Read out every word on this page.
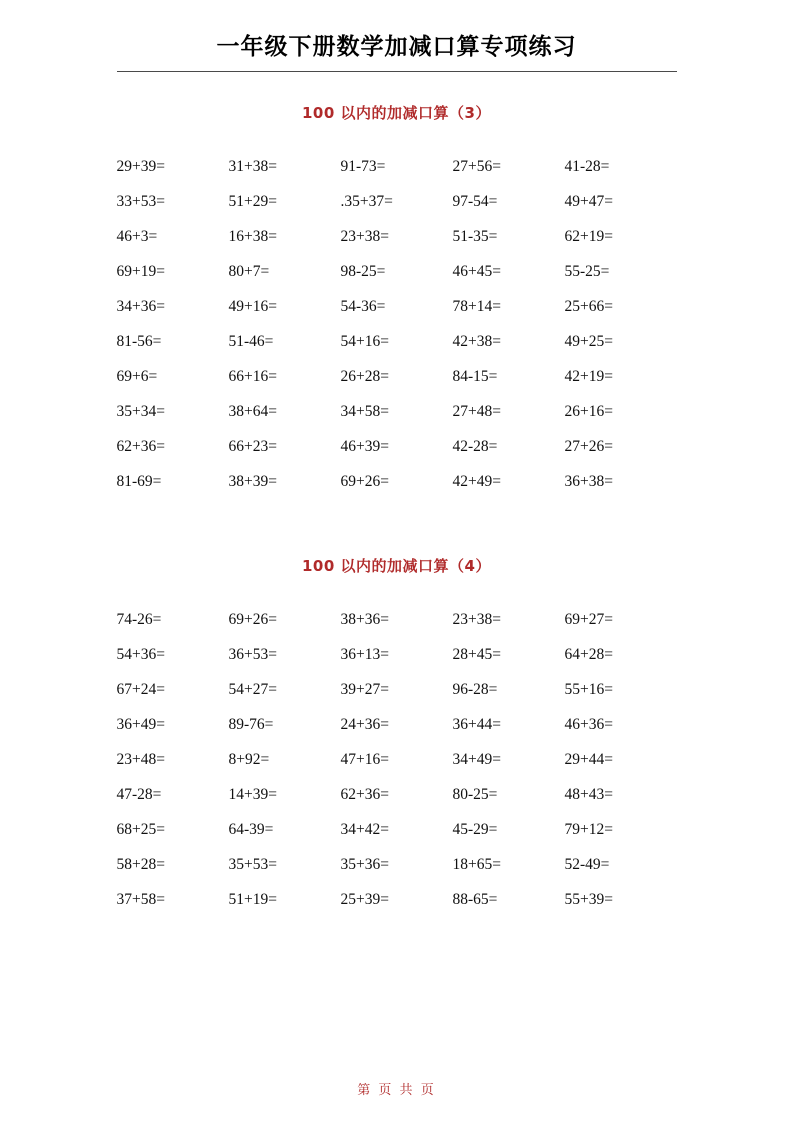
一年级下册数学加减口算专项练习
100 以内的加减口算（3）
29+39=	31+38=	91-73=	27+56=	41-28=
33+53=	51+29=	.35+37=	97-54=	49+47=
46+3=	16+38=	23+38=	51-35=	62+19=
69+19=	80+7=	98-25=	46+45=	55-25=
34+36=	49+16=	54-36=	78+14=	25+66=
81-56=	51-46=	54+16=	42+38=	49+25=
69+6=	66+16=	26+28=	84-15=	42+19=
35+34=	38+64=	34+58=	27+48=	26+16=
62+36=	66+23=	46+39=	42-28=	27+26=
81-69=	38+39=	69+26=	42+49=	36+38=
100 以内的加减口算（4）
74-26=	69+26=	38+36=	23+38=	69+27=
54+36=	36+53=	36+13=	28+45=	64+28=
67+24=	54+27=	39+27=	96-28=	55+16=
36+49=	89-76=	24+36=	36+44=	46+36=
23+48=	8+92=	47+16=	34+49=	29+44=
47-28=	14+39=	62+36=	80-25=	48+43=
68+25=	64-39=	34+42=	45-29=	79+12=
58+28=	35+53=	35+36=	18+65=	52-49=
37+58=	51+19=	25+39=	88-65=	55+39=
第 页 共 页
